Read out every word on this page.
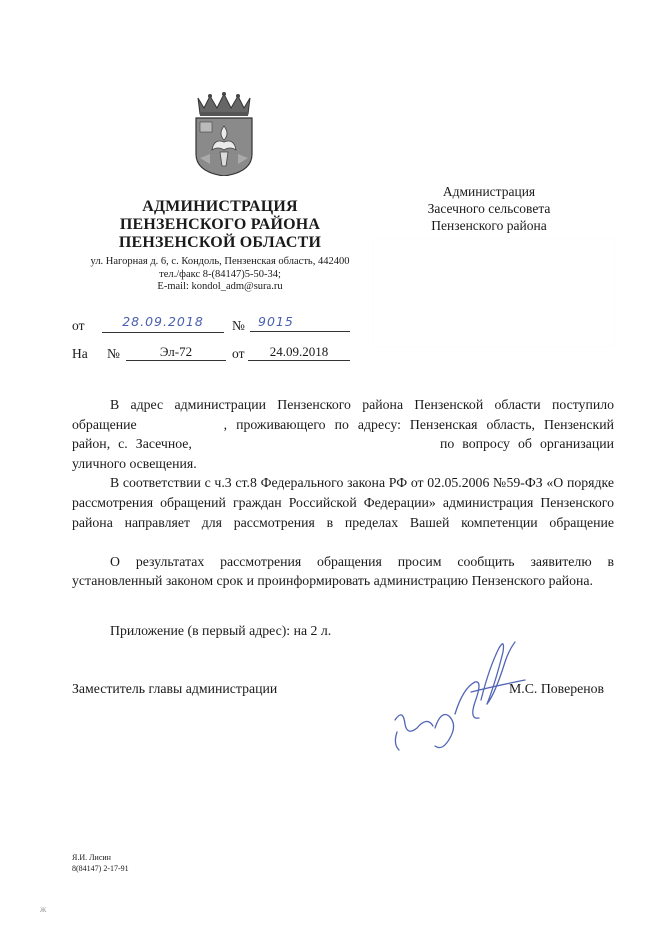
АДМИНИСТРАЦИЯ
ПЕНЗЕНСКОГО РАЙОНА
ПЕНЗЕНСКОЙ ОБЛАСТИ
ул. Нагорная д. 6, с. Кондоль, Пензенская область, 442400
тел./факс 8-(84147)5-50-34;
E-mail: kondol_adm@sura.ru
Администрация
Засечного сельсовета
Пензенского района
от	28.09.2018	№	9015
На №	Эл-72	от	24.09.2018

В адрес администрации Пензенского района Пензенской области поступило обращение	, проживающего по адресу: Пензенская область, Пензенский район, с. Засечное,	по вопросу об организации уличного освещения.

В соответствии с ч.3 ст.8 Федерального закона РФ от 02.05.2006 №59-ФЗ «О порядке рассмотрения обращений граждан Российской Федерации» администрация Пензенского района направляет для рассмотрения в пределах Вашей компетенции обращение

О результатах рассмотрения обращения просим сообщить заявителю в установленный законом срок и проинформировать администрацию Пензенского района.

Приложение (в первый адрес): на 2 л.
Заместитель главы администрации	М.С. Поверенов
Я.И. Лисин
8(84147) 2-17-91
ж
